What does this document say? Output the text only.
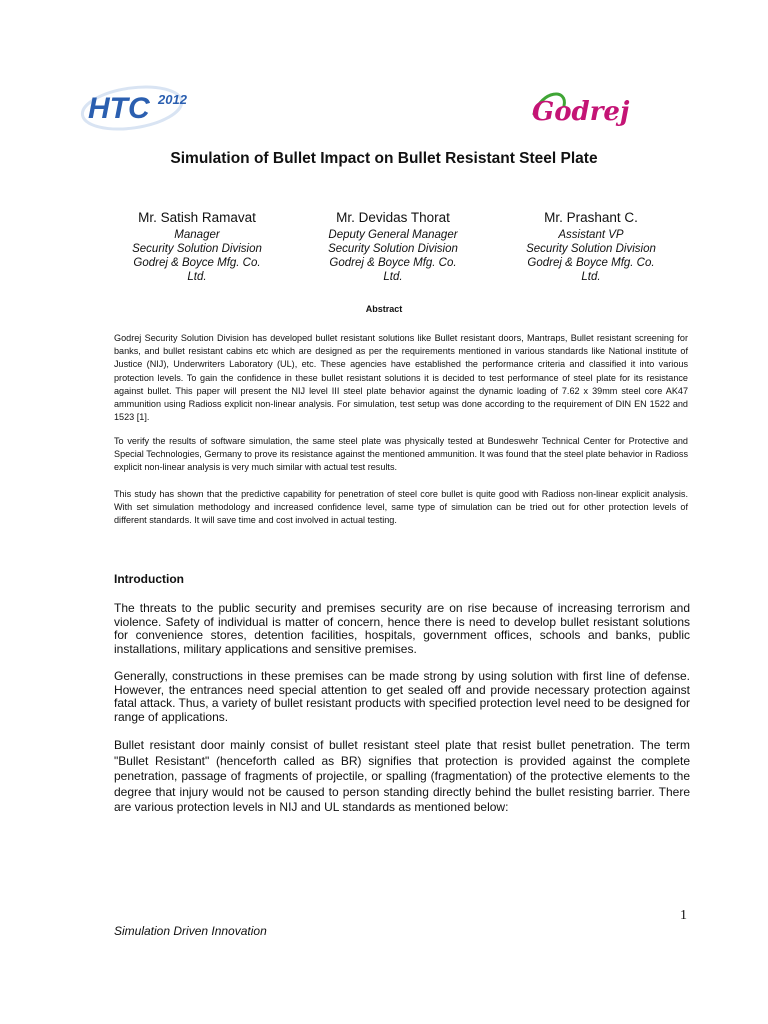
HTC 2012	Godrej
Simulation of Bullet Impact on Bullet Resistant Steel Plate
Mr. Satish Ramavat
Manager
Security Solution Division
Godrej & Boyce Mfg. Co.
Ltd.
Mr. Devidas Thorat
Deputy General Manager
Security Solution Division
Godrej & Boyce Mfg. Co.
Ltd.
Mr. Prashant C.
Assistant VP
Security Solution Division
Godrej & Boyce Mfg. Co.
Ltd.
Abstract

Godrej Security Solution Division has developed bullet resistant solutions like Bullet resistant doors, Mantraps, Bullet resistant screening for banks, and bullet resistant cabins etc which are designed as per the requirements mentioned in various standards like National institute of Justice (NIJ), Underwriters Laboratory (UL), etc. These agencies have established the performance criteria and classified it into various protection levels. To gain the confidence in these bullet resistant solutions it is decided to test performance of steel plate for its resistance against bullet. This paper will present the NIJ level III steel plate behavior against the dynamic loading of 7.62 x 39mm steel core AK47 ammunition using Radioss explicit non-linear analysis. For simulation, test setup was done according to the requirement of DIN EN 1522 and 1523 [1].

To verify the results of software simulation, the same steel plate was physically tested at Bundeswehr Technical Center for Protective and Special Technologies, Germany to prove its resistance against the mentioned ammunition. It was found that the steel plate behavior in Radioss explicit non-linear analysis is very much similar with actual test results.

This study has shown that the predictive capability for penetration of steel core bullet is quite good with Radioss non-linear explicit analysis. With set simulation methodology and increased confidence level, same type of simulation can be tried out for other protection levels of different standards. It will save time and cost involved in actual testing.

Introduction

The threats to the public security and premises security are on rise because of increasing terrorism and violence. Safety of individual is matter of concern, hence there is need to develop bullet resistant solutions for convenience stores, detention facilities, hospitals, government offices, schools and banks, public installations, military applications and sensitive premises.

Generally, constructions in these premises can be made strong by using solution with first line of defense. However, the entrances need special attention to get sealed off and provide necessary protection against fatal attack. Thus, a variety of bullet resistant products with specified protection level need to be designed for range of applications.

Bullet resistant door mainly consist of bullet resistant steel plate that resist bullet penetration. The term "Bullet Resistant" (henceforth called as BR) signifies that protection is provided against the complete penetration, passage of fragments of projectile, or spalling (fragmentation) of the protective elements to the degree that injury would not be caused to person standing directly behind the bullet resisting barrier. There are various protection levels in NIJ and UL standards as mentioned below:

1
Simulation Driven Innovation
